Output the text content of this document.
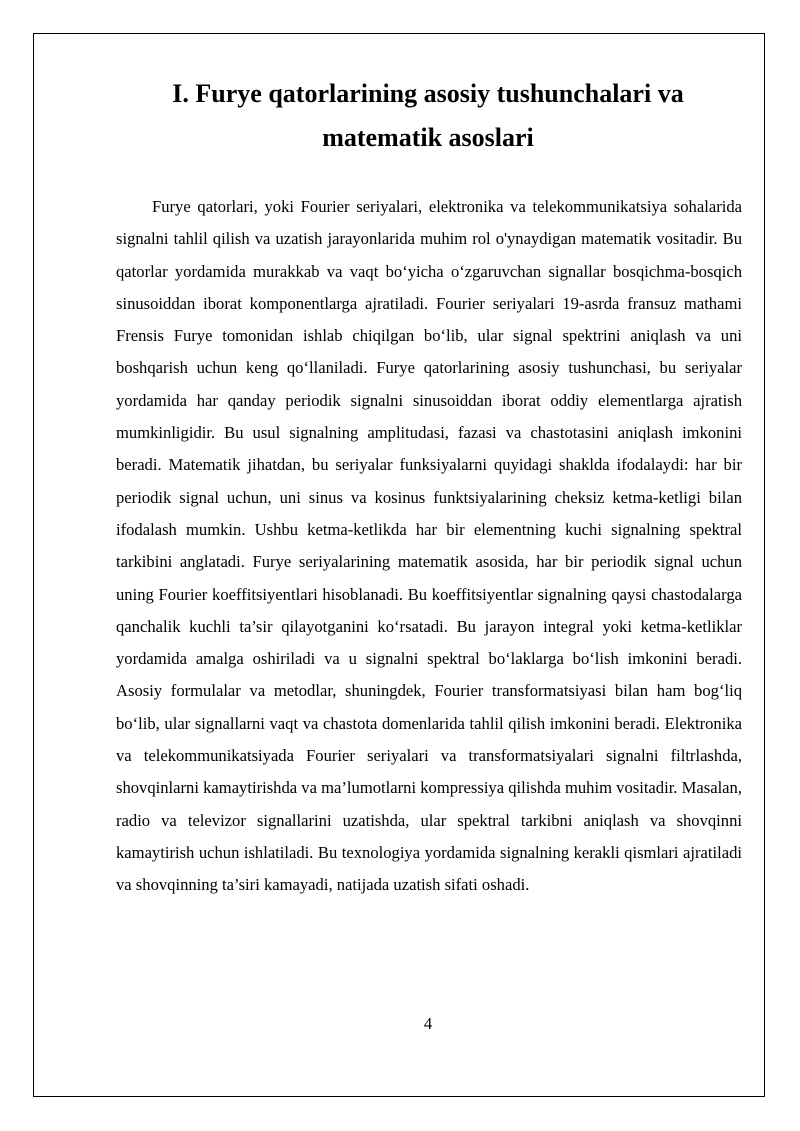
I. Furye qatorlarining asosiy tushunchalari va
matematik asoslari

Furye qatorlari, yoki Fourier seriyalari, elektronika va telekommunikatsiya sohalarida signalni tahlil qilish va uzatish jarayonlarida muhim rol o'ynaydigan matematik vositadir. Bu qatorlar yordamida murakkab va vaqt bo‘yicha o‘zgaruvchan signallar bosqichma-bosqich sinusoiddan iborat komponentlarga ajratiladi. Fourier seriyalari 19-asrda fransuz mathami Frensis Furye tomonidan ishlab chiqilgan bo‘lib, ular signal spektrini aniqlash va uni boshqarish uchun keng qo‘llaniladi. Furye qatorlarining asosiy tushunchasi, bu seriyalar yordamida har qanday periodik signalni sinusoiddan iborat oddiy elementlarga ajratish mumkinligidir. Bu usul signalning amplitudasi, fazasi va chastotasini aniqlash imkonini beradi. Matematik jihatdan, bu seriyalar funksiyalarni quyidagi shaklda ifodalaydi: har bir periodik signal uchun, uni sinus va kosinus funktsiyalarining cheksiz ketma-ketligi bilan ifodalash mumkin. Ushbu ketma-ketlikda har bir elementning kuchi signalning spektral tarkibini anglatadi. Furye seriyalarining matematik asosida, har bir periodik signal uchun uning Fourier koeffitsiyentlari hisoblanadi. Bu koeffitsiyentlar signalning qaysi chastodalarga qanchalik kuchli ta’sir qilayotganini ko‘rsatadi. Bu jarayon integral yoki ketma-ketliklar yordamida amalga oshiriladi va u signalni spektral bo‘laklarga bo‘lish imkonini beradi. Asosiy formulalar va metodlar, shuningdek, Fourier transformatsiyasi bilan ham bog‘liq bo‘lib, ular signallarni vaqt va chastota domenlarida tahlil qilish imkonini beradi. Elektronika va telekommunikatsiyada Fourier seriyalari va transformatsiyalari signalni filtrlashda, shovqinlarni kamaytirishda va ma’lumotlarni kompressiya qilishda muhim vositadir. Masalan, radio va televizor signallarini uzatishda, ular spektral tarkibni aniqlash va shovqinni kamaytirish uchun ishlatiladi. Bu texnologiya yordamida signalning kerakli qismlari ajratiladi va shovqinning ta’siri kamayadi, natijada uzatish sifati oshadi.

4
